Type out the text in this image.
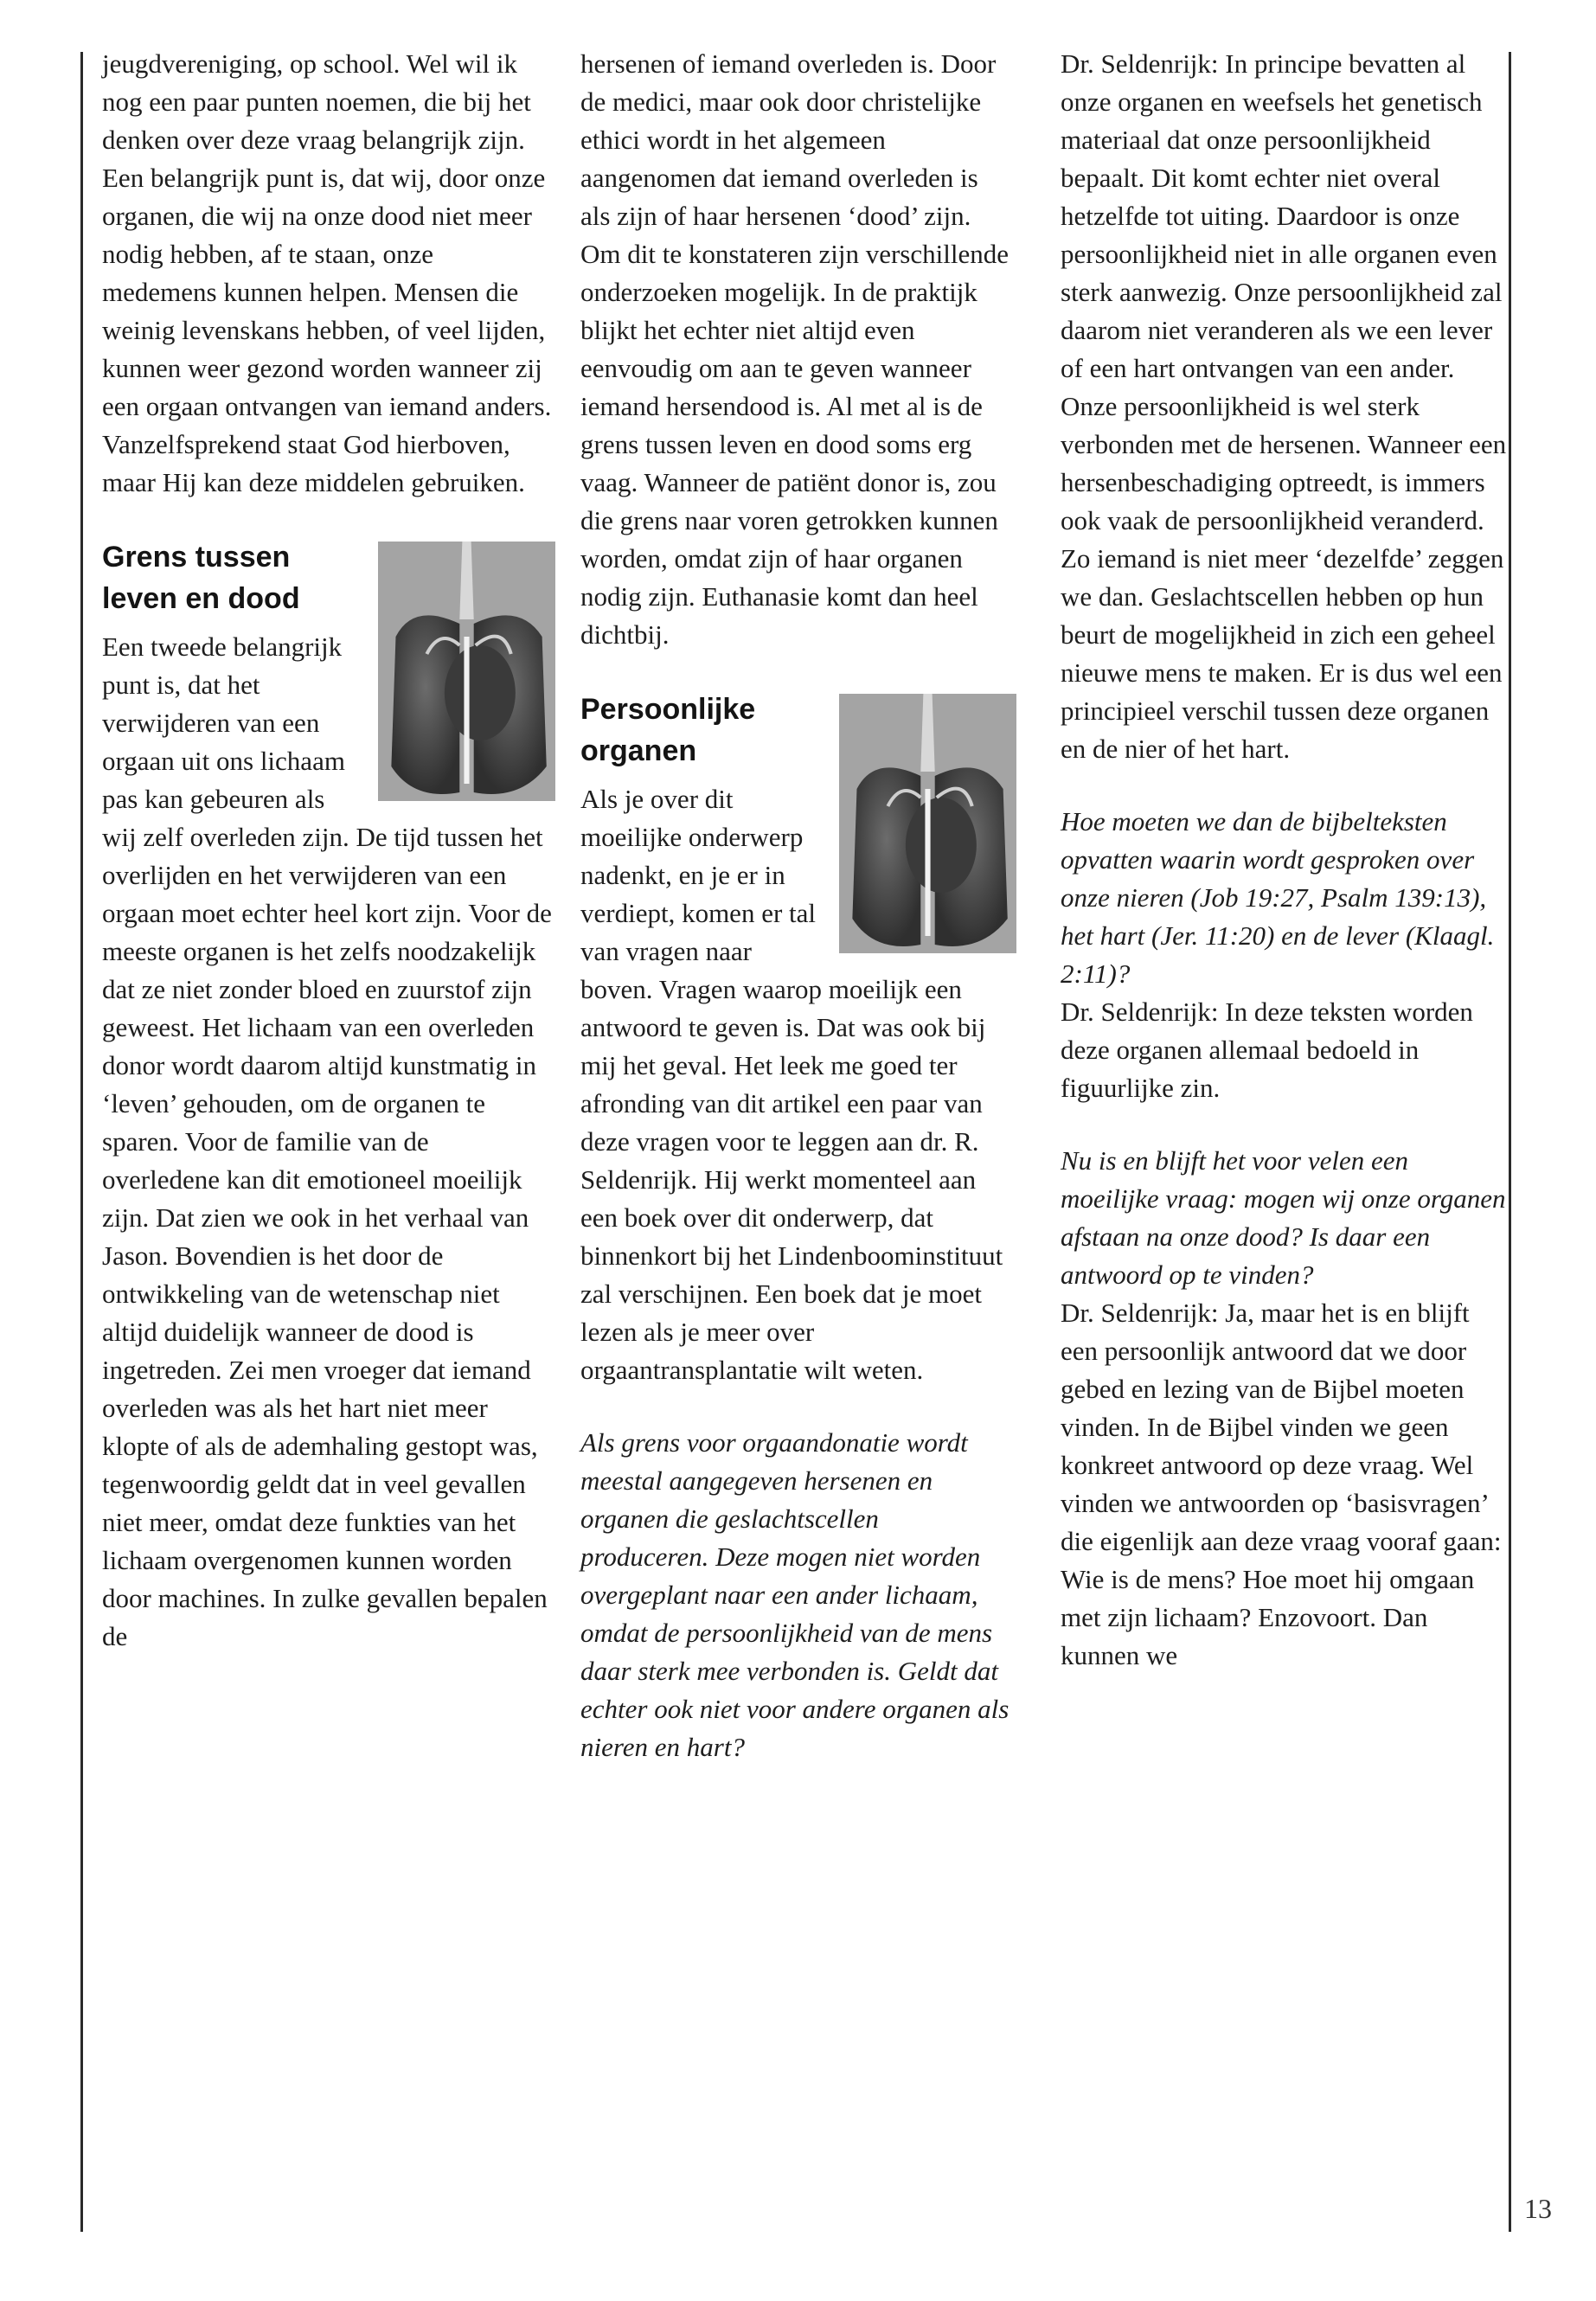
jeugdvereniging, op school. Wel wil ik nog een paar punten noemen, die bij het denken over deze vraag belangrijk zijn.

Een belangrijk punt is, dat wij, door onze organen, die wij na onze dood niet meer nodig hebben, af te staan, onze medemens kunnen helpen. Mensen die weinig levenskans hebben, of veel lijden, kunnen weer gezond worden wanneer zij een orgaan ontvangen van iemand anders. Vanzelfsprekend staat God hierboven, maar Hij kan deze middelen gebruiken.

Grens tussen leven en dood

Een tweede belangrijk punt is, dat het verwijderen van een orgaan uit ons lichaam pas kan gebeuren als wij zelf overleden zijn. De tijd tussen het overlijden en het verwijderen van een orgaan moet echter heel kort zijn. Voor de meeste organen is het zelfs noodzakelijk dat ze niet zonder bloed en zuurstof zijn geweest. Het lichaam van een overleden donor wordt daarom altijd kunstmatig in ‘leven’ gehouden, om de organen te sparen. Voor de familie van de overledene kan dit emotioneel moeilijk zijn. Dat zien we ook in het verhaal van Jason. Bovendien is het door de ontwikkeling van de wetenschap niet altijd duidelijk wanneer de dood is ingetreden. Zei men vroeger dat iemand overleden was als het hart niet meer klopte of als de ademhaling gestopt was, tegenwoordig geldt dat in veel gevallen niet meer, omdat deze funkties van het lichaam overgenomen kunnen worden door machines. In zulke gevallen bepalen de

hersenen of iemand overleden is. Door de medici, maar ook door christelijke ethici wordt in het algemeen aangenomen dat iemand overleden is als zijn of haar hersenen ‘dood’ zijn. Om dit te konstateren zijn verschillende onderzoeken mogelijk. In de praktijk blijkt het echter niet altijd even eenvoudig om aan te geven wanneer iemand hersendood is. Al met al is de grens tussen leven en dood soms erg vaag. Wanneer de patiënt donor is, zou die grens naar voren getrokken kunnen worden, omdat zijn of haar organen nodig zijn. Euthanasie komt dan heel dichtbij.

Persoonlijke organen

Als je over dit moeilijke onderwerp nadenkt, en je er in verdiept, komen er tal van vragen naar boven. Vragen waarop moeilijk een antwoord te geven is. Dat was ook bij mij het geval. Het leek me goed ter afronding van dit artikel een paar van deze vragen voor te leggen aan dr. R. Seldenrijk. Hij werkt momenteel aan een boek over dit onderwerp, dat binnenkort bij het Lindenboominstituut zal verschijnen. Een boek dat je moet lezen als je meer over orgaantransplantatie wilt weten.

Als grens voor orgaandonatie wordt meestal aangegeven hersenen en organen die geslachtscellen produceren. Deze mogen niet worden overgeplant naar een ander lichaam, omdat de persoonlijkheid van de mens daar sterk mee verbonden is. Geldt dat echter ook niet voor andere organen als nieren en hart?

Dr. Seldenrijk: In principe bevatten al onze organen en weefsels het genetisch materiaal dat onze persoonlijkheid bepaalt. Dit komt echter niet overal hetzelfde tot uiting. Daardoor is onze persoonlijkheid niet in alle organen even sterk aanwezig. Onze persoonlijkheid zal daarom niet veranderen als we een lever of een hart ontvangen van een ander. Onze persoonlijkheid is wel sterk verbonden met de hersenen. Wanneer een hersenbeschadiging optreedt, is immers ook vaak de persoonlijkheid veranderd. Zo iemand is niet meer ‘dezelfde’ zeggen we dan. Geslachtscellen hebben op hun beurt de mogelijkheid in zich een geheel nieuwe mens te maken. Er is dus wel een principieel verschil tussen deze organen en de nier of het hart.

Hoe moeten we dan de bijbelteksten opvatten waarin wordt gesproken over onze nieren (Job 19:27, Psalm 139:13), het hart (Jer. 11:20) en de lever (Klaagl. 2:11)?

Dr. Seldenrijk: In deze teksten worden deze organen allemaal bedoeld in figuurlijke zin.

Nu is en blijft het voor velen een moeilijke vraag: mogen wij onze organen afstaan na onze dood? Is daar een antwoord op te vinden?

Dr. Seldenrijk: Ja, maar het is en blijft een persoonlijk antwoord dat we door gebed en lezing van de Bijbel moeten vinden. In de Bijbel vinden we geen konkreet antwoord op deze vraag. Wel vinden we antwoorden op ‘basisvragen’ die eigenlijk aan deze vraag vooraf gaan: Wie is de mens? Hoe moet hij omgaan met zijn lichaam? Enzovoort. Dan kunnen we

13
